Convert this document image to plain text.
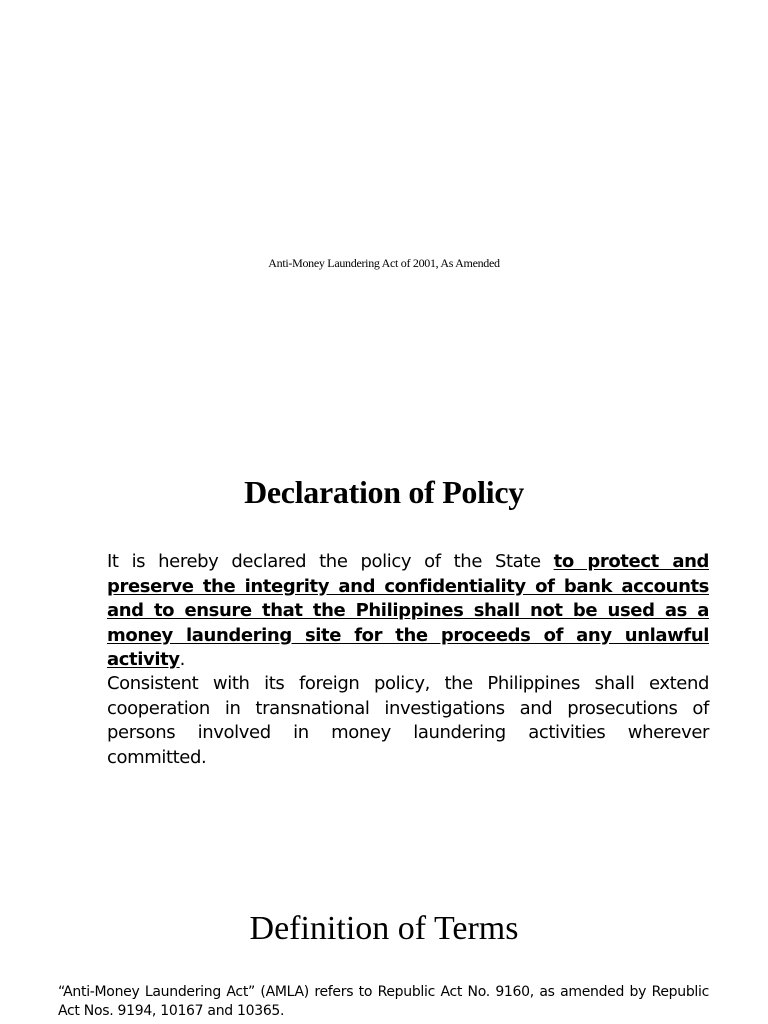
Anti-Money Laundering Act of 2001, As Amended
Declaration of Policy

It is hereby declared the policy of the State to protect and preserve the integrity and confidentiality of bank accounts and to ensure that the Philippines shall not be used as a money laundering site for the proceeds of any unlawful activity.

Consistent with its foreign policy, the Philippines shall extend cooperation in transnational investigations and prosecutions of persons involved in money laundering activities wherever committed.

Definition of Terms

“Anti-Money Laundering Act” (AMLA) refers to Republic Act No. 9160, as amended by Republic Act Nos. 9194, 10167 and 10365.
